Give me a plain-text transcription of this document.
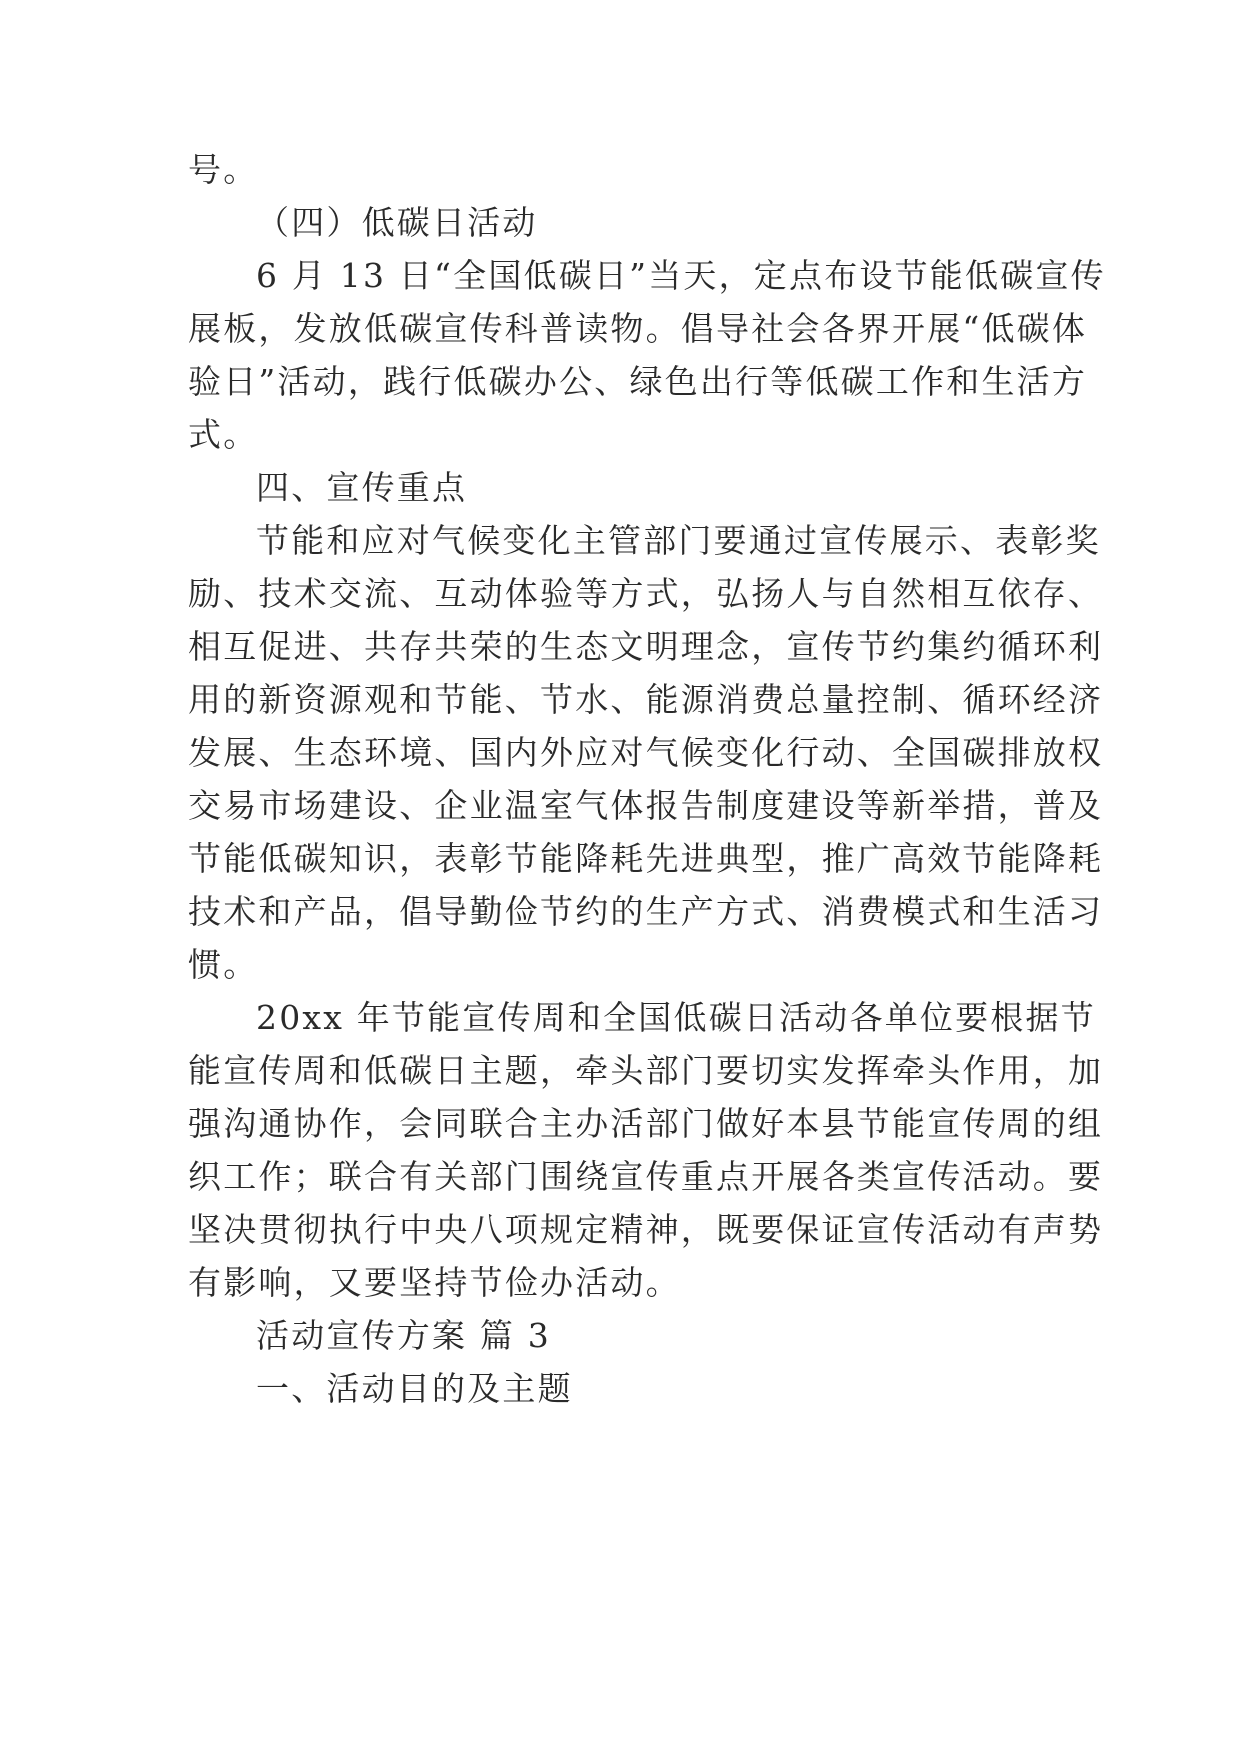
号。
（四）低碳日活动
6 月 13 日“全国低碳日”当天，定点布设节能低碳宣传
展板，发放低碳宣传科普读物。倡导社会各界开展“低碳体
验日”活动，践行低碳办公、绿色出行等低碳工作和生活方
式。
四、宣传重点
节能和应对气候变化主管部门要通过宣传展示、表彰奖
励、技术交流、互动体验等方式，弘扬人与自然相互依存、
相互促进、共存共荣的生态文明理念，宣传节约集约循环利
用的新资源观和节能、节水、能源消费总量控制、循环经济
发展、生态环境、国内外应对气候变化行动、全国碳排放权
交易市场建设、企业温室气体报告制度建设等新举措，普及
节能低碳知识，表彰节能降耗先进典型，推广高效节能降耗
技术和产品，倡导勤俭节约的生产方式、消费模式和生活习
惯。
20xx 年节能宣传周和全国低碳日活动各单位要根据节
能宣传周和低碳日主题，牵头部门要切实发挥牵头作用，加
强沟通协作，会同联合主办活部门做好本县节能宣传周的组
织工作；联合有关部门围绕宣传重点开展各类宣传活动。要
坚决贯彻执行中央八项规定精神，既要保证宣传活动有声势
有影响，又要坚持节俭办活动。
活动宣传方案 篇 3
一、活动目的及主题
